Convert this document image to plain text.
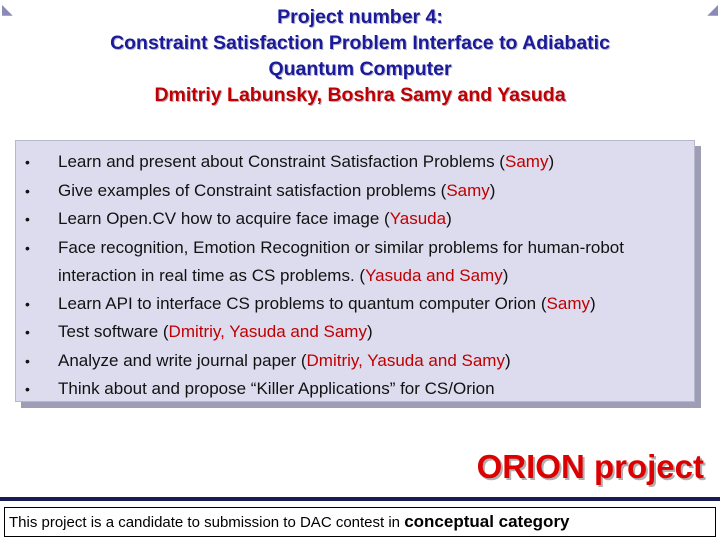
◣	◢
Project number 4:
Constraint Satisfaction Problem Interface to Adiabatic
Quantum Computer
Dmitriy Labunsky, Boshra Samy and Yasuda
• Learn and present about Constraint Satisfaction Problems (Samy)
• Give examples of Constraint satisfaction problems (Samy)
• Learn Open.CV how to acquire face image (Yasuda)
• Face recognition, Emotion Recognition or similar problems for human-robot interaction in real time as CS problems. (Yasuda and Samy)
• Learn API to interface CS problems to quantum computer Orion (Samy)
• Test software (Dmitriy, Yasuda and Samy)
• Analyze and write journal paper (Dmitriy, Yasuda and Samy)
• Think about and propose “Killer Applications” for CS/Orion
ORION project
This project is a candidate to submission to DAC contest in conceptual category
